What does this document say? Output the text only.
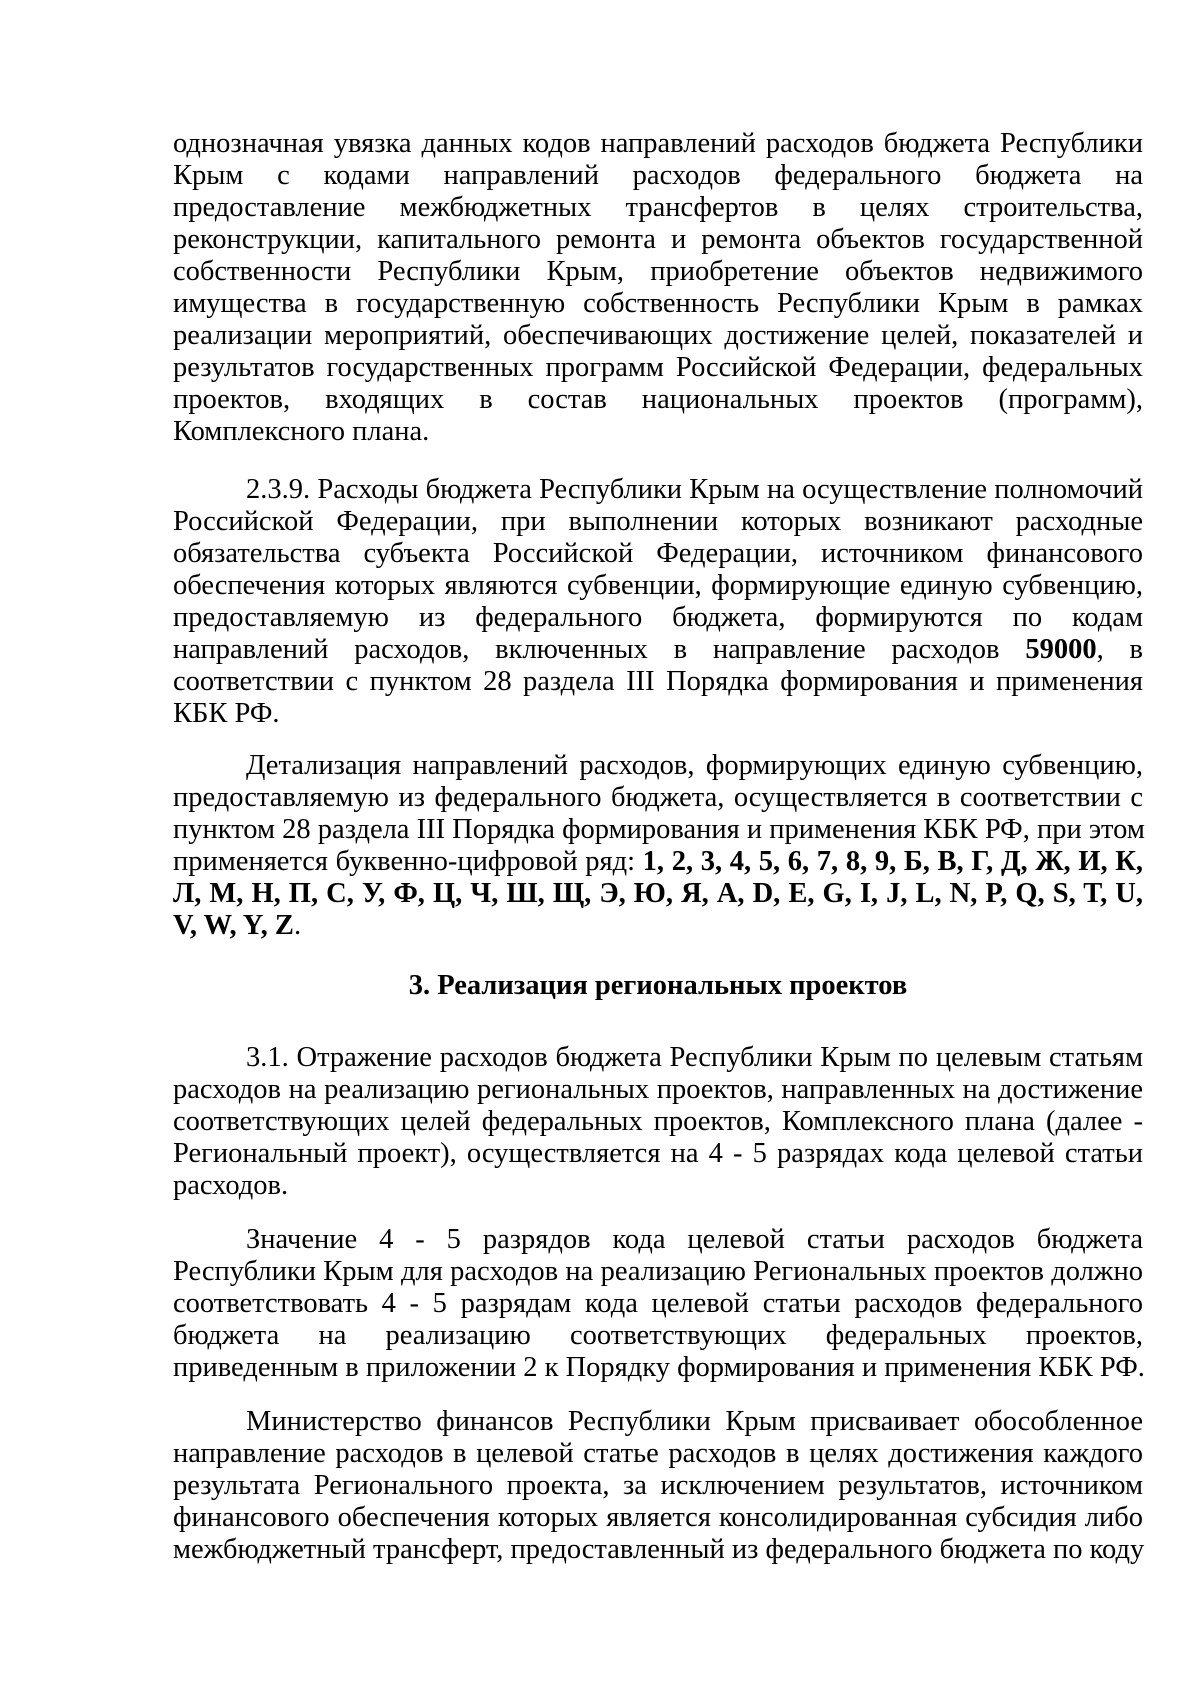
однозначная увязка данных кодов направлений расходов бюджета Республики
Крым с кодами направлений расходов федерального бюджета на
предоставление межбюджетных трансфертов в целях строительства,
реконструкции, капитального ремонта и ремонта объектов государственной
собственности Республики Крым, приобретение объектов недвижимого
имущества в государственную собственность Республики Крым в рамках
реализации мероприятий, обеспечивающих достижение целей, показателей и
результатов государственных программ Российской Федерации, федеральных
проектов, входящих в состав национальных проектов (программ),
Комплексного плана.
2.3.9. Расходы бюджета Республики Крым на осуществление полномочий
Российской Федерации, при выполнении которых возникают расходные
обязательства субъекта Российской Федерации, источником финансового
обеспечения которых являются субвенции, формирующие единую субвенцию,
предоставляемую из федерального бюджета, формируются по кодам
направлений расходов, включенных в направление расходов 59000, в
соответствии с пунктом 28 раздела III Порядка формирования и применения
КБК РФ.
Детализация направлений расходов, формирующих единую субвенцию,
предоставляемую из федерального бюджета, осуществляется в соответствии с
пунктом 28 раздела III Порядка формирования и применения КБК РФ, при этом
применяется буквенно-цифровой ряд: 1, 2, 3, 4, 5, 6, 7, 8, 9, Б, В, Г, Д, Ж, И, К,
Л, М, Н, П, С, У, Ф, Ц, Ч, Ш, Щ, Э, Ю, Я, A, D, E, G, I, J, L, N, P, Q, S, T, U,
V, W, Y, Z.
3. Реализация региональных проектов
3.1. Отражение расходов бюджета Республики Крым по целевым статьям
расходов на реализацию региональных проектов, направленных на достижение
соответствующих целей федеральных проектов, Комплексного плана (далее -
Региональный проект), осуществляется на 4 - 5 разрядах кода целевой статьи
расходов.
Значение 4 - 5 разрядов кода целевой статьи расходов бюджета
Республики Крым для расходов на реализацию Региональных проектов должно
соответствовать 4 - 5 разрядам кода целевой статьи расходов федерального
бюджета на реализацию соответствующих федеральных проектов,
приведенным в приложении 2 к Порядку формирования и применения КБК РФ.
Министерство финансов Республики Крым присваивает обособленное
направление расходов в целевой статье расходов в целях достижения каждого
результата Регионального проекта, за исключением результатов, источником
финансового обеспечения которых является консолидированная субсидия либо
межбюджетный трансферт, предоставленный из федерального бюджета по коду
